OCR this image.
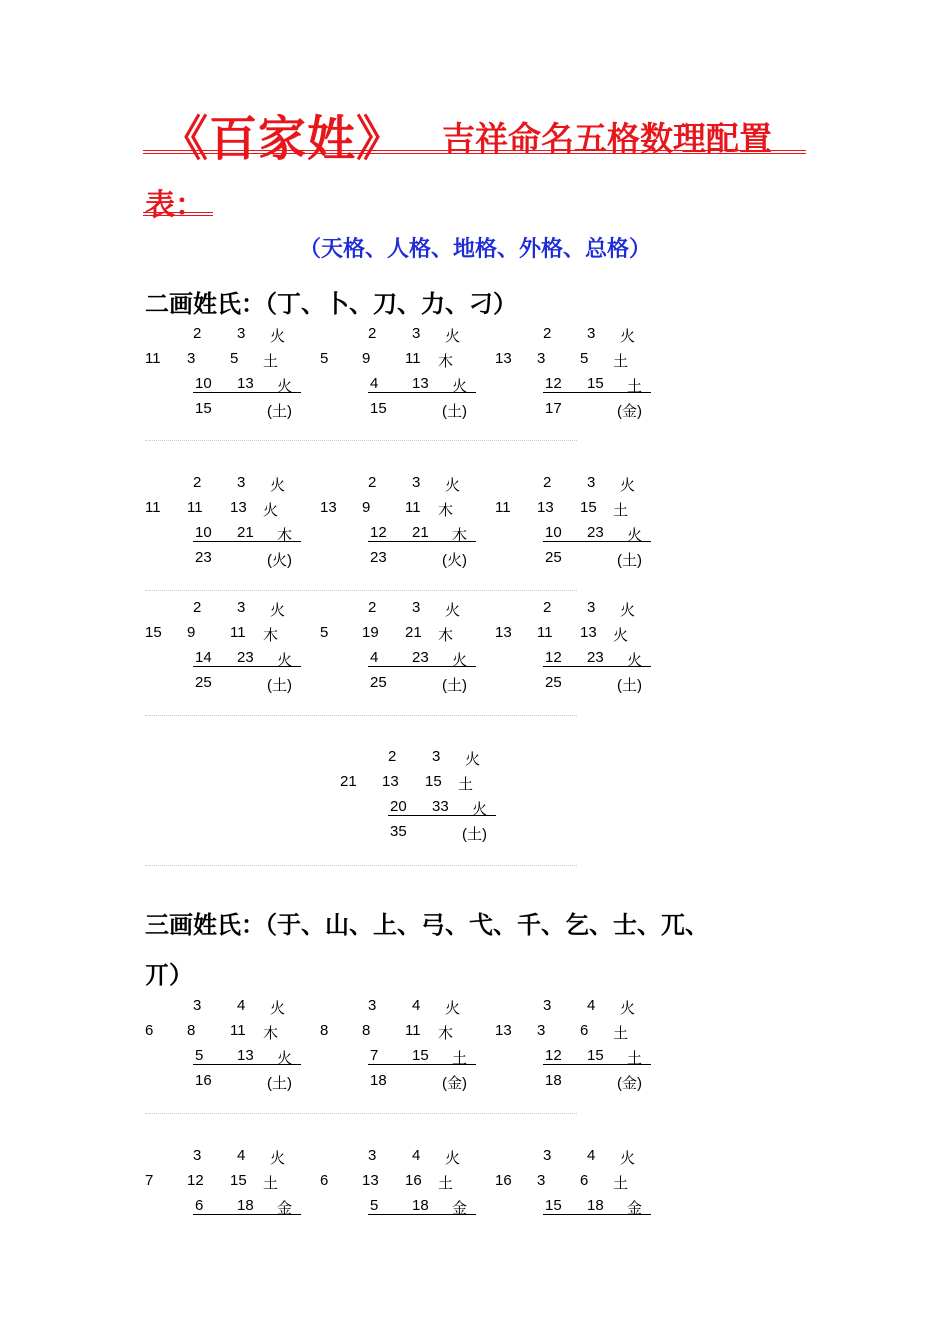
《百家姓》 吉祥命名五格数理配置
表：
（天格、人格、地格、外格、总格）
二画姓氏：（丁、卜、刀、力、刁）
三画姓氏：（于、山、上、弓、弋、千、乞、士、兀、
丌）
2 3 火
11 3 5 土
10 13 火
15	(土)
2 3 火
5 9 11 木
4 13 火
15	(土)
2 3 火
13 3 5 土
12 15 土
17	(金)
2 3 火
11 11 13 火
10 21 木
23	(火)
2 3 火
13 9 11 木
12 21 木
23	(火)
2 3 火
11 13 15 土
10 23 火
25	(土)
2 3 火
15 9 11 木
14 23 火
25	(土)
2 3 火
5 19 21 木
4 23 火
25	(土)
2 3 火
13 11 13 火
12 23 火
25	(土)
2 3 火
21 13 15 土
20 33 火
35	(土)
3 4 火
6 8 11 木
5 13 火
16	(土)
3 4 火
8 8 11 木
7 15 土
18	(金)
3 4 火
13 3 6 土
12 15 土
18	(金)
3 4 火
7 12 15 土
6 18 金
3 4 火
6 13 16 土
5 18 金
3 4 火
16 3 6 土
15 18 金
